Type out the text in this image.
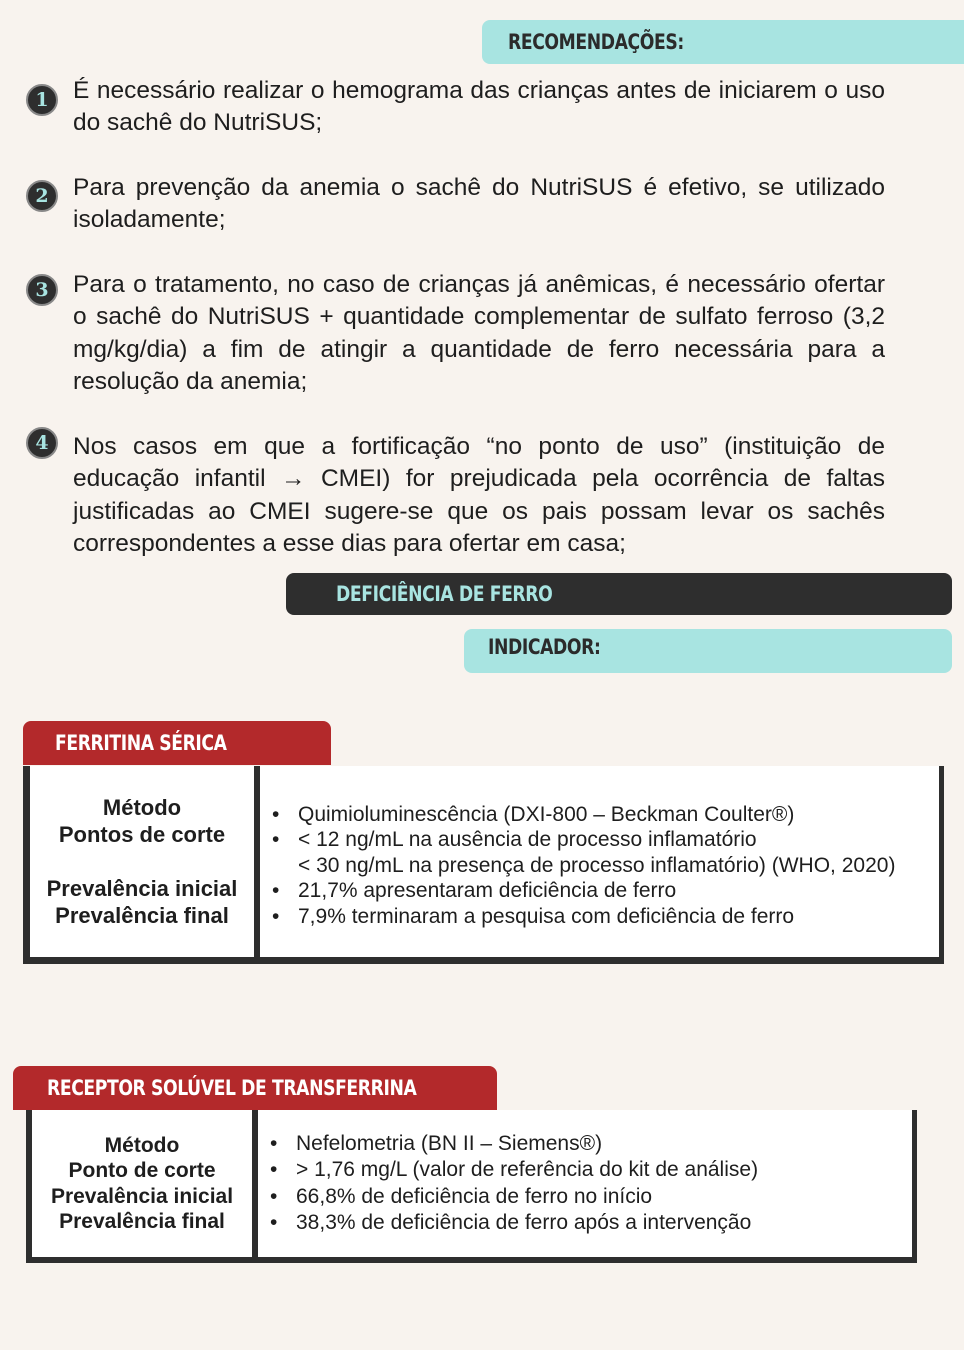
RECOMENDAÇÕES:
1 É necessário realizar o hemograma das crianças antes de iniciarem o uso do sachê do NutriSUS;
2 Para prevenção da anemia o sachê do NutriSUS é efetivo, se utilizado isoladamente;
3 Para o tratamento, no caso de crianças já anêmicas, é necessário ofertar o sachê do NutriSUS + quantidade complementar de sulfato ferroso (3,2 mg/kg/dia) a fim de atingir a quantidade de ferro necessária para a resolução da anemia;
4 Nos casos em que a fortificação “no ponto de uso” (instituição de educação infantil → CMEI) for prejudicada pela ocorrência de faltas justificadas ao CMEI sugere-se que os pais possam levar os sachês correspondentes a esse dias para ofertar em casa;
DEFICIÊNCIA DE FERRO
INDICADOR:
FERRITINA SÉRICA
Método
Pontos de corte
Prevalência inicial
Prevalência final
• Quimioluminescência (DXI-800 – Beckman Coulter®)
• < 12 ng/mL na ausência de processo inflamatório
< 30 ng/mL na presença de processo inflamatório) (WHO, 2020)
• 21,7% apresentaram deficiência de ferro
• 7,9% terminaram a pesquisa com deficiência de ferro
RECEPTOR SOLÚVEL DE TRANSFERRINA
Método
Ponto de corte
Prevalência inicial
Prevalência final
• Nefelometria (BN II – Siemens®)
• > 1,76 mg/L (valor de referência do kit de análise)
• 66,8% de deficiência de ferro no início
• 38,3% de deficiência de ferro após a intervenção
